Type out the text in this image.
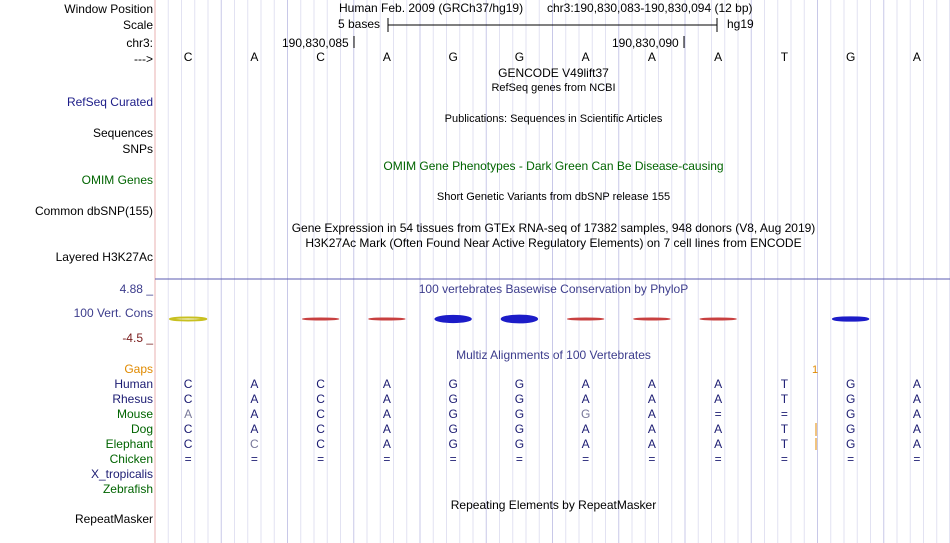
Window Position	Human Feb. 2009 (GRCh37/hg19) chr3:190,830,083-190,830,094 (12 bp)
Scale	5 bases	hg19
chr3:	190,830,085	190,830,090
--->	C	A	C	A	G	G	A	A	A	T	G	A
GENCODE V49lift37
RefSeq genes from NCBI
RefSeq Curated
Publications: Sequences in Scientific Articles
Sequences
SNPs
OMIM Gene Phenotypes - Dark Green Can Be Disease-causing
OMIM Genes
Short Genetic Variants from dbSNP release 155
Common dbSNP(155)
Gene Expression in 54 tissues from GTEx RNA-seq of 17382 samples, 948 donors (V8, Aug 2019)
H3K27Ac Mark (Often Found Near Active Regulatory Elements) on 7 cell lines from ENCODE
Layered H3K27Ac
4.88 _	100 vertebrates Basewise Conservation by PhyloP
100 Vert. Cons
-4.5 _
Multiz Alignments of 100 Vertebrates
Gaps	1
Human	C	A	C	A	G	G	A	A	A	T	G	A
Rhesus	C	A	C	A	G	G	A	A	A	T	G	A
Mouse	A	A	C	A	G	G	G	A	=	=	G	A
Dog	C	A	C	A	G	G	A	A	A	T	G	A
Elephant	C	C	C	A	G	G	A	A	A	T	G	A
Chicken	=	=	=	=	=	=	=	=	=	=	=	=
X_tropicalis
Zebrafish
Repeating Elements by RepeatMasker
RepeatMasker
